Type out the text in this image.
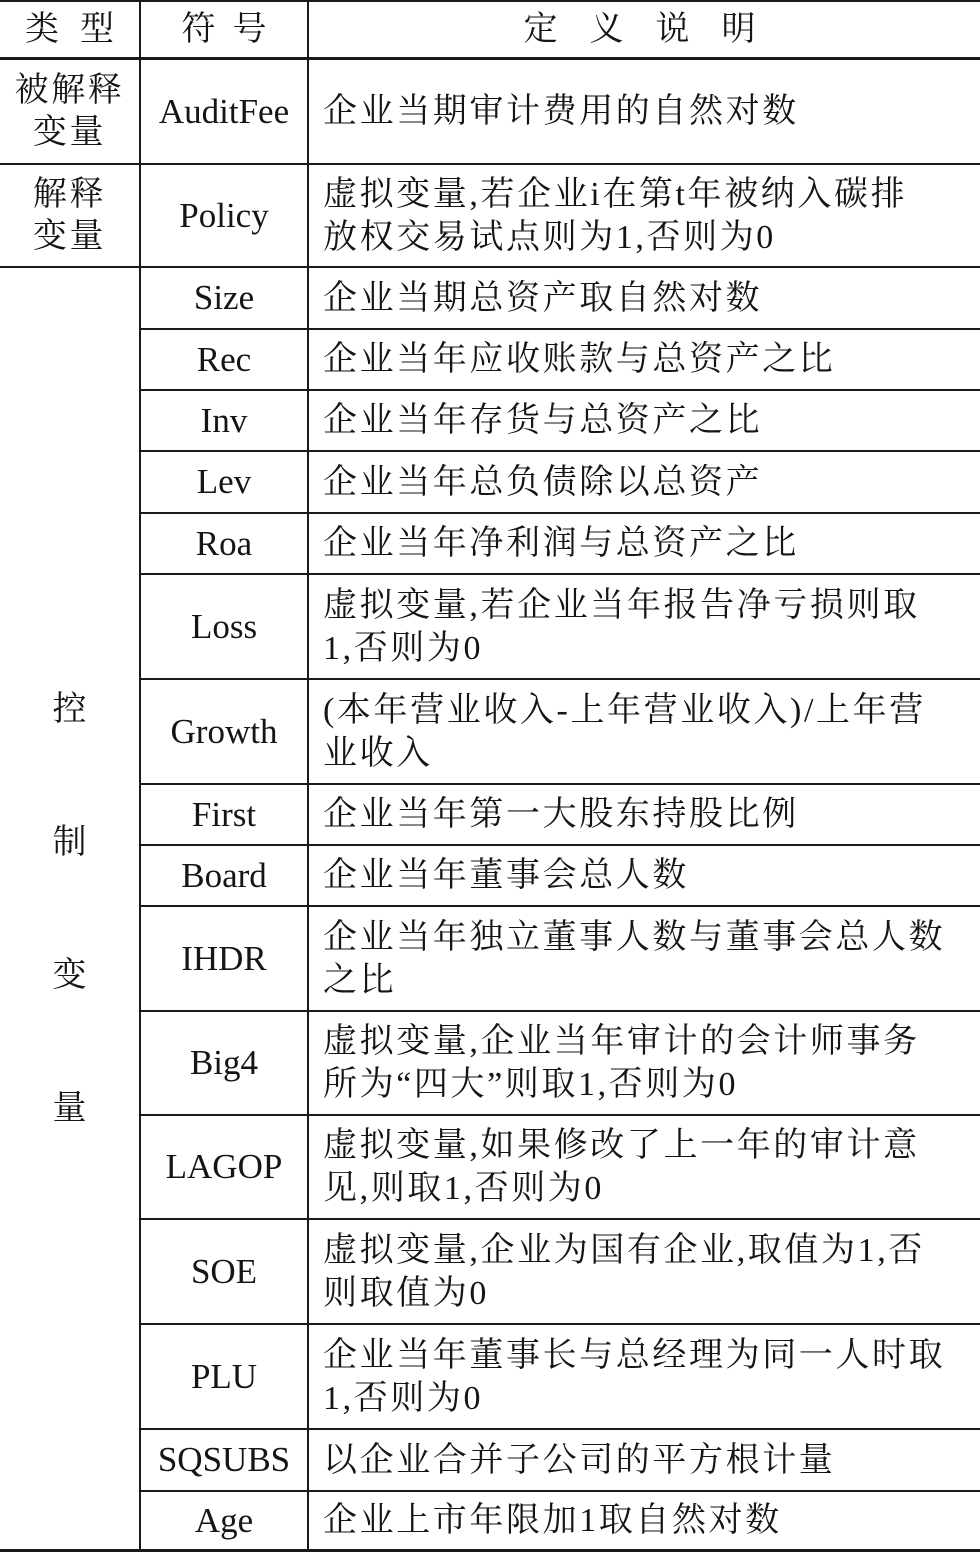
类型	符号	定义说明
被解释
变量
AuditFee 企业当期审计费用的自然对数
解释
变量
Policy
虚拟变量,若企业i在第t年被纳入碳排
放权交易试点则为1,否则为0
控制变量
Size 企业当期总资产取自然对数
Rec 企业当年应收账款与总资产之比
Inv 企业当年存货与总资产之比
Lev 企业当年总负债除以总资产
Roa 企业当年净利润与总资产之比
Loss
虚拟变量,若企业当年报告净亏损则取
1,否则为0
Growth
(本年营业收入-上年营业收入)/上年营
业收入
First 企业当年第一大股东持股比例
Board 企业当年董事会总人数
IHDR
企业当年独立董事人数与董事会总人数
之比
Big4
虚拟变量,企业当年审计的会计师事务
所为“四大”则取1,否则为0
LAGOP
虚拟变量,如果修改了上一年的审计意
见,则取1,否则为0
SOE
虚拟变量,企业为国有企业,取值为1,否
则取值为0
PLU
企业当年董事长与总经理为同一人时取
1,否则为0
SQSUBS 以企业合并子公司的平方根计量
Age 企业上市年限加1取自然对数
